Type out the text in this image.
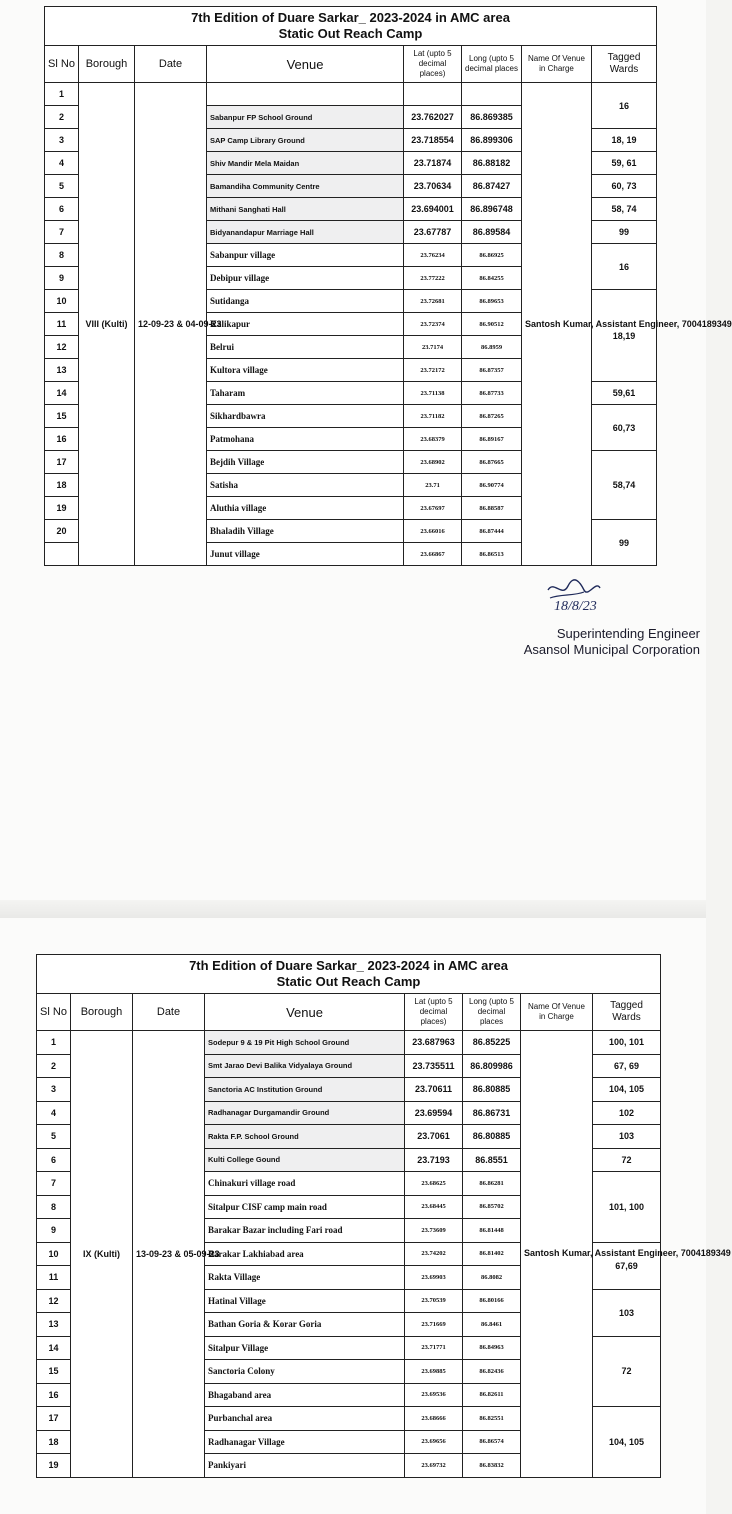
7th Edition of Duare Sarkar_ 2023-2024 in AMC area
Static Out Reach Camp							

Sl No	Borough	Date	Venue	Lat (upto 5 decimal places)	Long (upto 5 decimal places	Name Of Venue in Charge	Tagged Wards
1	VIII (Kulti)	12-09-23 & 04-09-23				Santosh Kumar, Assistant Engineer, 7004189349	16
2			Sabanpur FP School Ground	23.762027	86.869385		
3			SAP Camp Library Ground	23.718554	86.899306		18, 19
4			Shiv Mandir Mela Maidan	23.71874	86.88182		59, 61
5			Bamandiha Community Centre	23.70634	86.87427		60, 73
6			Mithani Sanghati Hall	23.694001	86.896748		58, 74
7			Bidyanandapur Marriage Hall	23.67787	86.89584		99
8			Sabanpur village	23.76234	86.86925		16
9			Debipur village	23.77222	86.84255		
10			Sutidanga	23.72681	86.89653		18,19
11			Kalikapur	23.72374	86.90512		
12			Belrui	23.7174	86.8959		
13			Kultora village	23.72172	86.87357		
14			Taharam	23.71138	86.87733		59,61
15			Sikhardbawra	23.71182	86.87265		60,73
16			Patmohana	23.68379	86.89167		
17			Bejdih Village	23.68902	86.87665		58,74
18			Satisha	23.71	86.90774		
19			Aluthia village	23.67697	86.88587		
20			Bhaladih Village	23.66016	86.87444		99
			Junut village	23.66867	86.86513		
18/8/23
Superintending Engineer
Asansol Municipal Corporation
7th Edition of Duare Sarkar_ 2023-2024 in AMC area
Static Out Reach Camp							

Sl No	Borough	Date	Venue	Lat (upto 5 decimal places)	Long (upto 5 decimal places	Name Of Venue in Charge	Tagged Wards
1	IX (Kulti)	13-09-23 & 05-09-23	Sodepur 9 & 19 Pit High School Ground	23.687963	86.85225	Santosh Kumar, Assistant Engineer, 7004189349	100, 101
2			Smt Jarao Devi Balika Vidyalaya Ground	23.735511	86.809986		67, 69
3			Sanctoria AC Institution Ground	23.70611	86.80885		104, 105
4			Radhanagar Durgamandir Ground	23.69594	86.86731		102
5			Rakta F.P. School Ground	23.7061	86.80885		103
6			Kulti College Gound	23.7193	86.8551		72
7			Chinakuri village road	23.68625	86.86281		101, 100
8			Sitalpur CISF camp main road	23.68445	86.85702		
9			Barakar Bazar including Fari road	23.73609	86.81448		
10			Barakar Lakhiabad area	23.74202	86.81402		67,69
11			Rakta Village	23.69903	86.8082		
12			Hatinal Village	23.70539	86.80166		103
13			Bathan Goria & Korar Goria	23.71669	86.8461		
14			Sitalpur Village	23.71771	86.84963		72
15			Sanctoria Colony	23.69885	86.82436		
16			Bhagaband area	23.69536	86.82611		
17			Purbanchal area	23.68666	86.82551		104, 105
18			Radhanagar Village	23.69656	86.86574		
19			Pankiyari	23.69732	86.83832		
